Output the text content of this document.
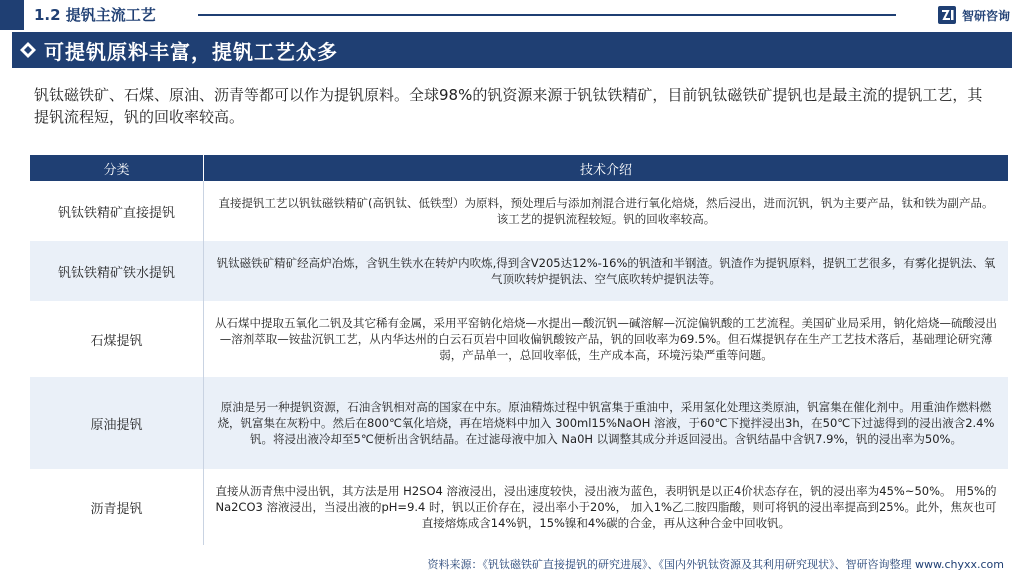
1.2 提钒主流工艺	智研咨询
可提钒原料丰富，提钒工艺众多

钒钛磁铁矿、石煤、原油、沥青等都可以作为提钒原料。全球98%的钒资源来源于钒钛铁精矿，目前钒钛磁铁矿提钒也是最主流的提钒工艺，其提钒流程短，钒的回收率较高。

分类	技术介绍
钒钛铁精矿直接提钒
直接提钒工艺以钒钛磁铁精矿(高钒钛、低铁型）为原料，预处理后与添加剂混合进行氧化焙烧，然后浸出，进而沉钒，钒为主要产品，钛和铁为副产品。该工艺的提钒流程较短。钒的回收率较高。
钒钛铁精矿铁水提钒
钒钛磁铁矿精矿经高炉冶炼，含钒生铁水在转炉内吹炼,得到含V205达12%-16%的钒渣和半钢渣。钒渣作为提钒原料，提钒工艺很多，有雾化提钒法、氧气顶吹转炉提钒法、空气底吹转炉提钒法等。
石煤提钒
从石煤中提取五氧化二钒及其它稀有金属，采用平窑钠化焙烧—水提出—酸沉钒—碱溶解—沉淀偏钒酸的工艺流程。美国矿业局采用，钠化焙烧—硫酸浸出—溶剂萃取—铵盐沉钒工艺，从内华达州的白云石页岩中回收偏钒酸铵产品，钒的回收率为69.5%。但石煤提钒存在生产工艺技术落后，基础理论研究薄弱，产品单一，总回收率低，生产成本高，环境污染严重等问题。
原油提钒
原油是另一种提钒资源，石油含钒相对高的国家在中东。原油精炼过程中钒富集于重油中，采用氢化处理这类原油，钒富集在催化剂中。用重油作燃料燃烧，钒富集在灰粉中。然后在800℃氧化培烧，再在培烧料中加入 300ml15%NaOH 溶液，于60℃下搅拌浸出3h，在50℃下过滤得到的浸出液含2.4%钒。将浸出液冷却至5℃便析出含钒结晶。在过滤母液中加入 Na0H 以调整其成分并返回浸出。含钒结晶中含钒7.9%，钒的浸出率为50%。
沥青提钒
直接从沥青焦中浸出钒，其方法是用 H2SO4 溶液浸出，浸出速度较快，浸出液为蓝色，表明钒是以正4价状态存在，钒的浸出率为45%~50%。 用5%的 Na2CO3 溶液浸出，当浸出液的pH=9.4 时，钒以正价存在，浸出率小于20%， 加入1%乙二胺四脂酸，则可将钒的浸出率提高到25%。此外，焦灰也可直接熔炼成含14%钒，15%镍和4%碳的合金，再从这种合金中回收钒。
资料来源：《钒钛磁铁矿直接提钒的研究进展》、《国内外钒钛资源及其利用研究现状》、智研咨询整理 www.chyxx.com
